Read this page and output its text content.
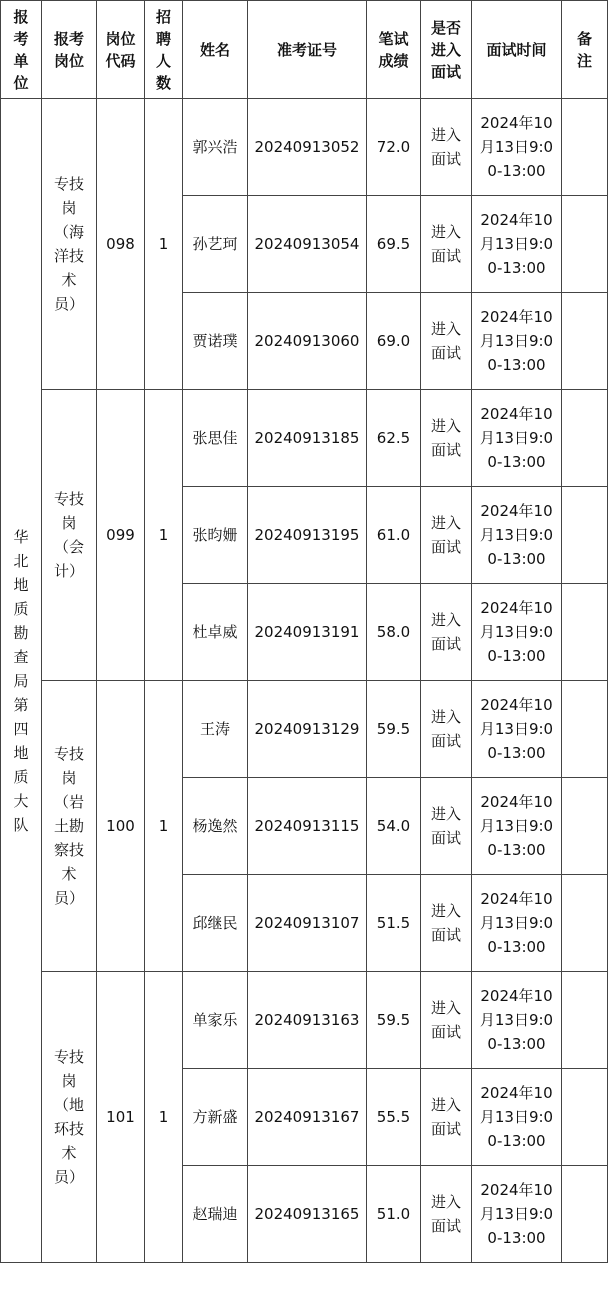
报考单位	报考岗位	岗位代码	招聘人数	姓名	准考证号	笔试成绩	是否进入面试	面试时间	备注
华北地质勘查局第四地质大队	专技岗（海洋技术员）	098	1	郭兴浩	20240913052	72.0	进入面试	2024年10月13日9:00-13:00	
				孙艺珂	20240913054	69.5	进入面试	2024年10月13日9:00-13:00	
				贾诺璞	20240913060	69.0	进入面试	2024年10月13日9:00-13:00	
	专技岗（会计）	099	1	张思佳	20240913185	62.5	进入面试	2024年10月13日9:00-13:00	
				张昀姗	20240913195	61.0	进入面试	2024年10月13日9:00-13:00	
				杜卓威	20240913191	58.0	进入面试	2024年10月13日9:00-13:00	
	专技岗（岩土勘察技术员）	100	1	王涛	20240913129	59.5	进入面试	2024年10月13日9:00-13:00	
				杨逸然	20240913115	54.0	进入面试	2024年10月13日9:00-13:00	
				邱继民	20240913107	51.5	进入面试	2024年10月13日9:00-13:00	
	专技岗（地环技术员）	101	1	单家乐	20240913163	59.5	进入面试	2024年10月13日9:00-13:00	
				方新盛	20240913167	55.5	进入面试	2024年10月13日9:00-13:00	
				赵瑞迪	20240913165	51.0	进入面试	2024年10月13日9:00-13:00	
